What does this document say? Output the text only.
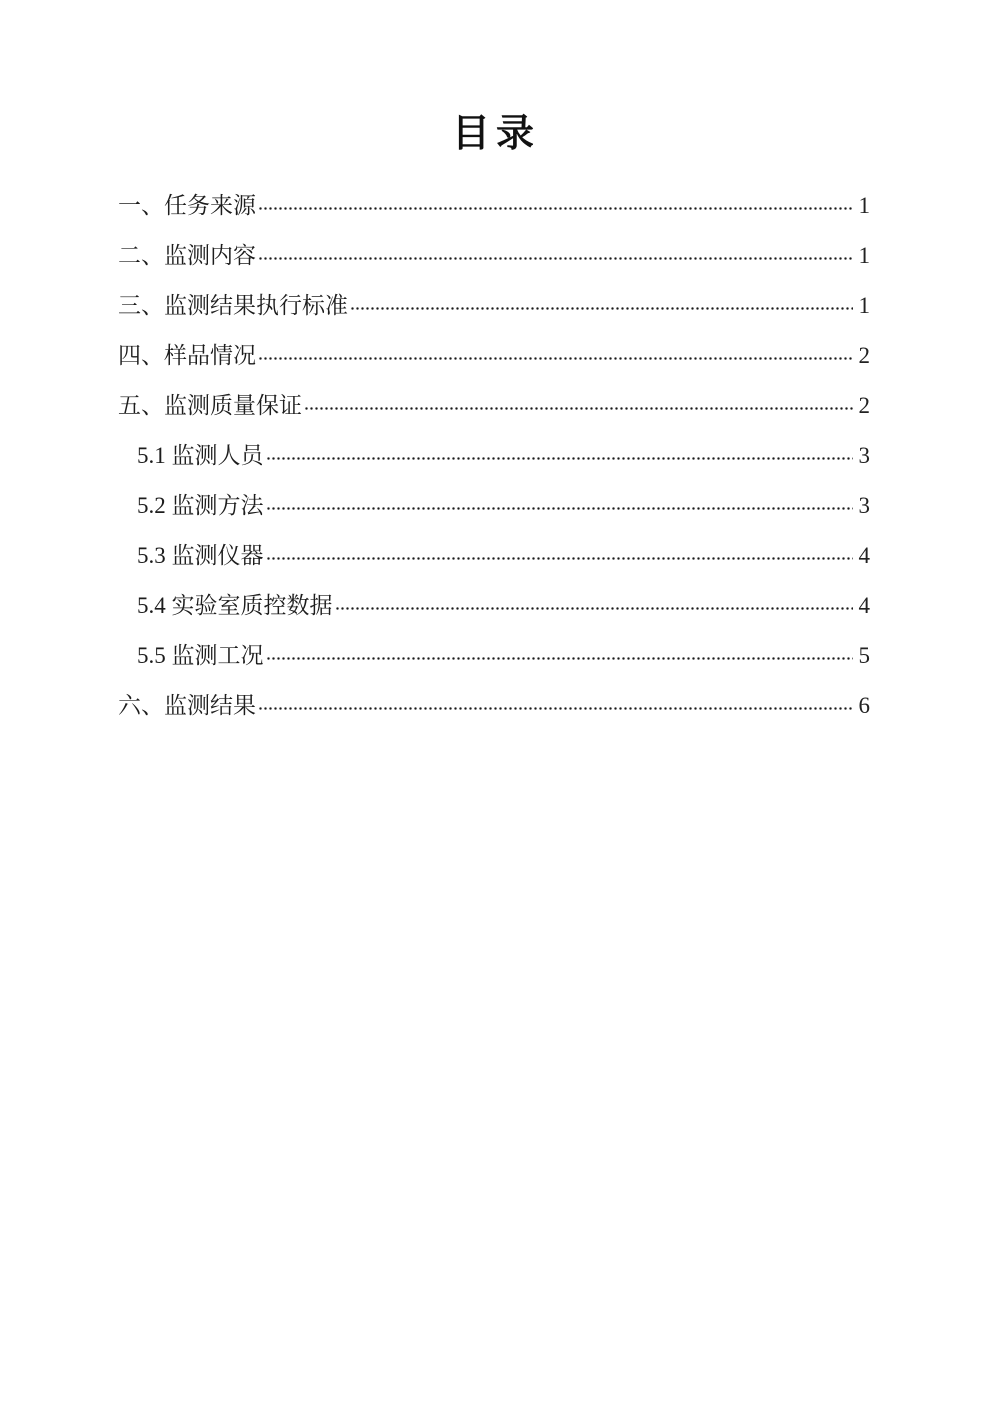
目录
一、任务来源	1
二、监测内容	1
三、监测结果执行标准	1
四、样品情况	2
五、监测质量保证	2
5.1 监测人员	3
5.2 监测方法	3
5.3 监测仪器	4
5.4 实验室质控数据	4
5.5 监测工况	5
六、监测结果	6
